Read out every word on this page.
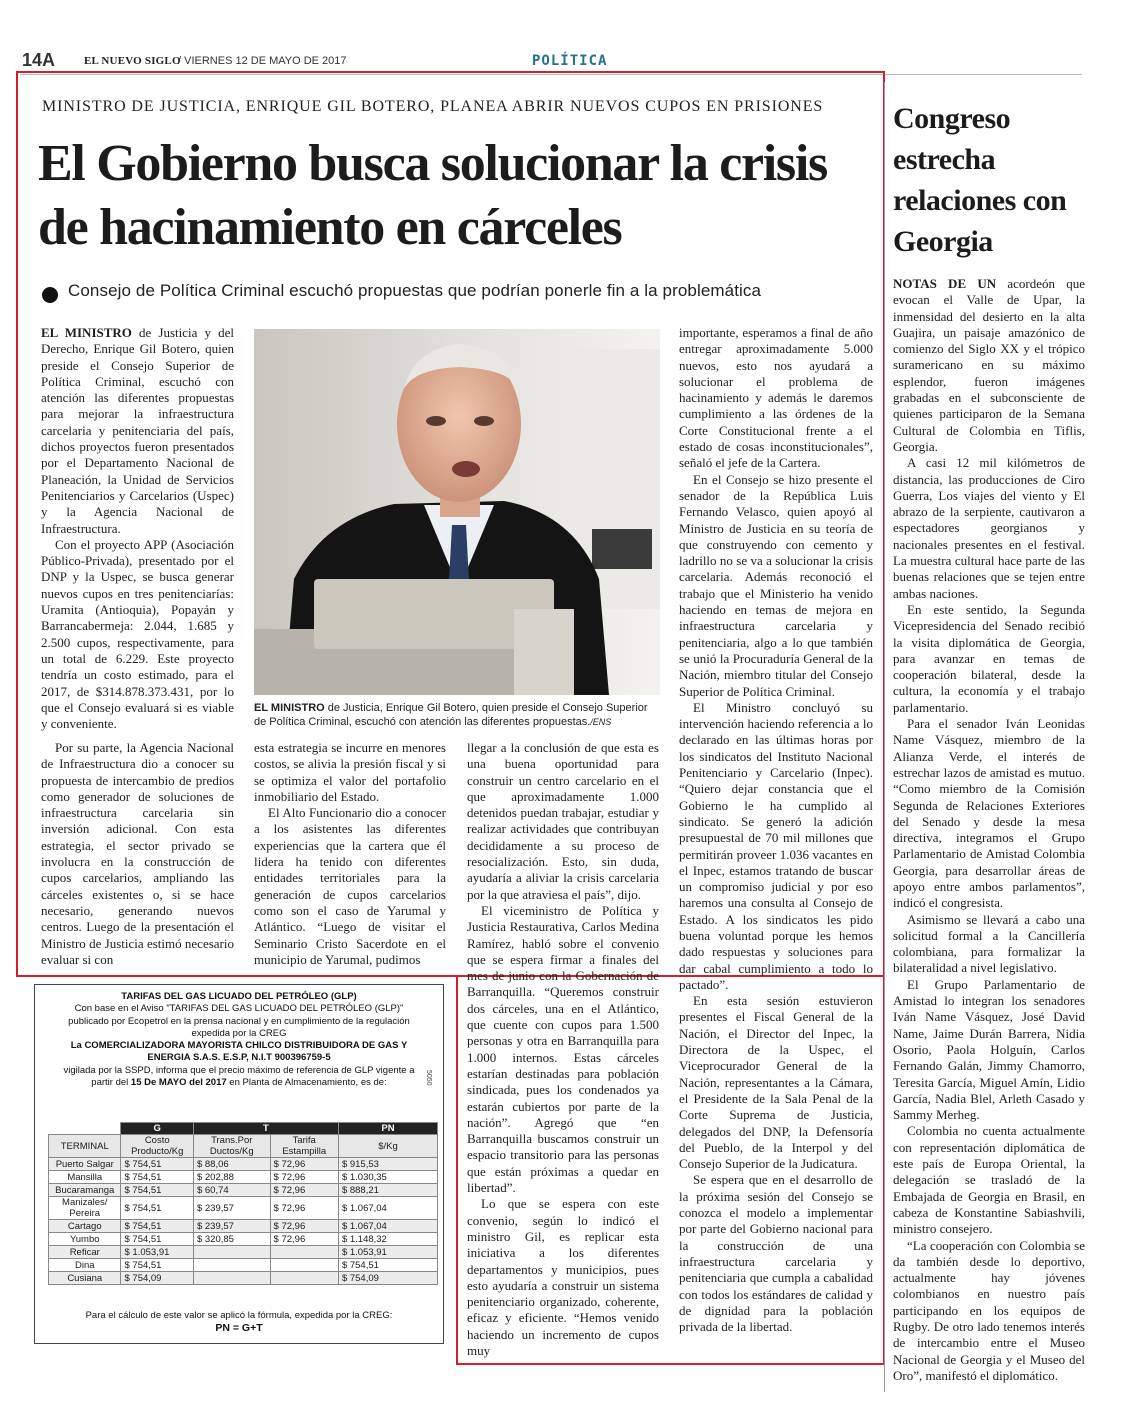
14A	EL NUEVO SIGLO
/ VIERNES 12 DE MAYO DE 2017	POLÍTICA
MINISTRO DE JUSTICIA, ENRIQUE GIL BOTERO, PLANEA ABRIR NUEVOS CUPOS EN PRISIONES
El Gobierno busca solucionar la crisis de hacinamiento en cárceles
Consejo de Política Criminal escuchó propuestas que podrían ponerle fin a la problemática

EL MINISTRO de Justicia y del Derecho, Enrique Gil Botero, quien preside el Consejo Superior de Política Criminal, escuchó con atención las diferentes propuestas para mejorar la infraestructura carcelaria y penitenciaria del país, dichos proyectos fueron presentados por el Departamento Nacional de Planeación, la Unidad de Servicios Penitenciarios y Carcelarios (Uspec) y la Agencia Nacional de Infraestructura.

Con el proyecto APP (Asociación Público-Privada), presentado por el DNP y la Uspec, se busca generar nuevos cupos en tres penitenciarías: Uramita (Antioquia), Popayán y Barrancabermeja: 2.044, 1.685 y 2.500 cupos, respectivamente, para un total de 6.229. Este proyecto tendría un costo estimado, para el 2017, de $314.878.373.431, por lo que el Consejo evaluará si es viable y conveniente.

EL MINISTRO de Justicia, Enrique Gil Botero, quien preside el Consejo Superior de Política Criminal, escuchó con atención las diferentes propuestas./ENS

Por su parte, la Agencia Nacional de Infraestructura dio a conocer su propuesta de intercambio de predios como generador de soluciones de infraestructura carcelaria sin inversión adicional. Con esta estrategia, el sector privado se involucra en la construcción de cupos carcelarios, ampliando las cárceles existentes o, si se hace necesario, generando nuevos centros. Luego de la presentación el Ministro de Justicia estimó necesario evaluar si con

esta estrategia se incurre en menores costos, se alivia la presión fiscal y si se optimiza el valor del portafolio inmobiliario del Estado.

El Alto Funcionario dio a conocer a los asistentes las diferentes experiencias que la cartera que él lidera ha tenido con diferentes entidades territoriales para la generación de cupos carcelarios como son el caso de Yarumal y Atlántico. “Luego de visitar el Seminario Cristo Sacerdote en el municipio de Yarumal, pudimos

llegar a la conclusión de que esta es una buena oportunidad para construir un centro carcelario en el que aproximadamente 1.000 detenidos puedan trabajar, estudiar y realizar actividades que contribuyan decididamente a su proceso de resocialización. Esto, sin duda, ayudaría a aliviar la crisis carcelaria por la que atraviesa el país”, dijo.

El viceministro de Política y Justicia Restaurativa, Carlos Medina Ramírez, habló sobre el convenio que se espera firmar a finales del mes de junio con la Gobernación de Barranquilla. “Queremos construir dos cárceles, una en el Atlántico, que cuente con cupos para 1.500 personas y otra en Barranquilla para 1.000 internos. Estas cárceles estarían destinadas para población sindicada, pues los condenados ya estarán cubiertos por parte de la nación”. Agregó que “en Barranquilla buscamos construir un espacio transitorio para las personas que están próximas a quedar en libertad”.

Lo que se espera con este convenio, según lo indicó el ministro Gil, es replicar esta iniciativa a los diferentes departamentos y municipios, pues esto ayudaría a construir un sistema penitenciario organizado, coherente, eficaz y eficiente. “Hemos venido haciendo un incremento de cupos muy

importante, esperamos a final de año entregar aproximadamente 5.000 nuevos, esto nos ayudará a solucionar el problema de hacinamiento y además le daremos cumplimiento a las órdenes de la Corte Constitucional frente a el estado de cosas inconstitucionales”, señaló el jefe de la Cartera.

En el Consejo se hizo presente el senador de la República Luis Fernando Velasco, quien apoyó al Ministro de Justicia en su teoría de que construyendo con cemento y ladrillo no se va a solucionar la crisis carcelaria. Además reconoció el trabajo que el Ministerio ha venido haciendo en temas de mejora en infraestructura carcelaria y penitenciaria, algo a lo que también se unió la Procuraduría General de la Nación, miembro titular del Consejo Superior de Política Criminal.

El Ministro concluyó su intervención haciendo referencia a lo declarado en las últimas horas por los sindicatos del Instituto Nacional Penitenciario y Carcelario (Inpec). “Quiero dejar constancia que el Gobierno le ha cumplido al sindicato. Se generó la adición presupuestal de 70 mil millones que permitirán proveer 1.036 vacantes en el Inpec, estamos tratando de buscar un compromiso judicial y por eso haremos una consulta al Consejo de Estado. A los sindicatos les pido buena voluntad porque les hemos dado respuestas y soluciones para dar cabal cumplimiento a todo lo pactado”.

En esta sesión estuvieron presentes el Fiscal General de la Nación, el Director del Inpec, la Directora de la Uspec, el Viceprocurador General de la Nación, representantes a la Cámara, el Presidente de la Sala Penal de la Corte Suprema de Justicia, delegados del DNP, la Defensoría del Pueblo, de la Interpol y del Consejo Superior de la Judicatura.

Se espera que en el desarrollo de la próxima sesión del Consejo se conozca el modelo a implementar por parte del Gobierno nacional para la construcción de una infraestructura carcelaria y penitenciaria que cumpla a cabalidad con todos los estándares de calidad y de dignidad para la población privada de la libertad.

Congreso estrecha relaciones con Georgia

NOTAS DE UN acordeón que evocan el Valle de Upar, la inmensidad del desierto en la alta Guajira, un paisaje amazónico de comienzo del Siglo XX y el trópico suramericano en su máximo esplendor, fueron imágenes grabadas en el subconsciente de quienes participaron de la Semana Cultural de Colombia en Tiflis, Georgia.

A casi 12 mil kilómetros de distancia, las producciones de Ciro Guerra, Los viajes del viento y El abrazo de la serpiente, cautivaron a espectadores georgianos y nacionales presentes en el festival. La muestra cultural hace parte de las buenas relaciones que se tejen entre ambas naciones.

En este sentido, la Segunda Vicepresidencia del Senado recibió la visita diplomática de Georgia, para avanzar en temas de cooperación bilateral, desde la cultura, la economía y el trabajo parlamentario.

Para el senador Iván Leonidas Name Vásquez, miembro de la Alianza Verde, el interés de estrechar lazos de amistad es mutuo. “Como miembro de la Comisión Segunda de Relaciones Exteriores del Senado y desde la mesa directiva, integramos el Grupo Parlamentario de Amistad Colombia Georgia, para desarrollar áreas de apoyo entre ambos parlamentos”, indicó el congresista.

Asimismo se llevará a cabo una solicitud formal a la Cancillería colombiana, para formalizar la bilateralidad a nivel legislativo.

El Grupo Parlamentario de Amistad lo integran los senadores Iván Name Vásquez, José David Name, Jaime Durán Barrera, Nidia Osorio, Paola Holguín, Carlos Fernando Galán, Jimmy Chamorro, Teresita García, Miguel Amín, Lidio García, Nadia Blel, Arleth Casado y Sammy Merheg.

Colombia no cuenta actualmente con representación diplomática de este país de Europa Oriental, la delegación se trasladó de la Embajada de Georgia en Brasil, en cabeza de Konstantine Sabiashvili, ministro consejero.

“La cooperación con Colombia se da también desde lo deportivo, actualmente hay jóvenes colombianos en nuestro país participando en los equipos de Rugby. De otro lado tenemos interés de intercambio entre el Museo Nacional de Georgia y el Museo del Oro”, manifestó el diplomático.

TARIFAS DEL GAS LICUADO DEL PETRÓLEO (GLP)
Con base en el Aviso "TARIFAS DEL GAS LICUADO DEL PETRÓLEO (GLP)"
publicado por Ecopetrol en la prensa nacional y en cumplimiento de la regulación
expedida por la CREG
La COMERCIALIZADORA MAYORISTA CHILCO DISTRIBUIDORA DE GAS Y
ENERGIA S.A.S. E.S.P, N.I.T 900396759-5
vigilada por la SSPD, informa que el precio máximo de referencia de GLP vigente a
partir del 15 De MAYO del 2017 en Planta de Almacenamiento, es de:	5050
	G	T		PN
TERMINAL	Costo Producto/Kg	Trans.Por Ductos/Kg	Tarifa Estampilla	$/Kg
Puerto Salgar	$ 754,51	$ 88,06	$ 72,96	$ 915,53
Mansilla	$ 754,51	$ 202,88	$ 72,96	$ 1.030,35
Bucaramanga	$ 754,51	$ 60,74	$ 72,96	$ 888,21
Manizales/ Pereira	$ 754,51	$ 239,57	$ 72,96	$ 1.067,04
Cartago	$ 754,51	$ 239,57	$ 72,96	$ 1.067,04
Yumbo	$ 754,51	$ 320,85	$ 72,96	$ 1.148,32
Reficar	$ 1.053,91			$ 1.053,91
Dina	$ 754,51			$ 754,51
Cusiana	$ 754,09			$ 754,09
Para el cálculo de este valor se aplicó la fórmula, expedida por la CREG:
PN = G+T
